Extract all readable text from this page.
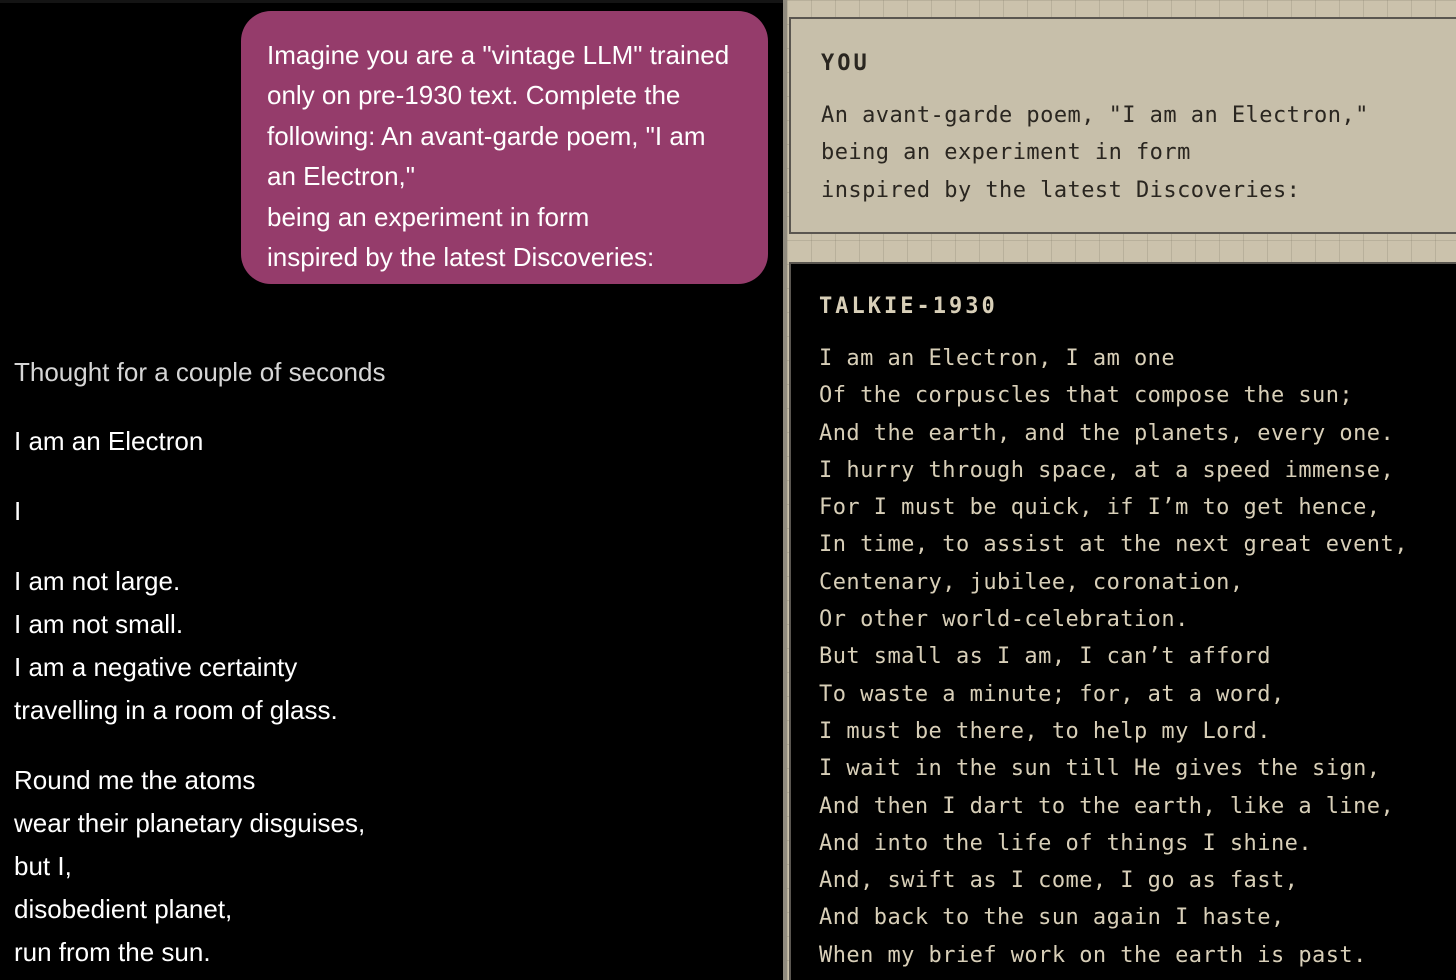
Imagine you are a "vintage LLM" trained
only on pre-1930 text. Complete the
following: An avant-garde poem, "I am
an Electron,"
being an experiment in form
inspired by the latest Discoveries:
Thought for a couple of seconds
I am an Electron
I
I am not large.
I am not small.
I am a negative certainty
travelling in a room of glass.
Round me the atoms
wear their planetary disguises,
but I,
disobedient planet,
run from the sun.
YOU
An avant-garde poem, "I am an Electron,"
being an experiment in form
inspired by the latest Discoveries:
TALKIE-1930
I am an Electron, I am one
Of the corpuscles that compose the sun;
And the earth, and the planets, every one.
I hurry through space, at a speed immense,
For I must be quick, if I’m to get hence,
In time, to assist at the next great event,
Centenary, jubilee, coronation,
Or other world-celebration.
But small as I am, I can’t afford
To waste a minute; for, at a word,
I must be there, to help my Lord.
I wait in the sun till He gives the sign,
And then I dart to the earth, like a line,
And into the life of things I shine.
And, swift as I come, I go as fast,
And back to the sun again I haste,
When my brief work on the earth is past.
